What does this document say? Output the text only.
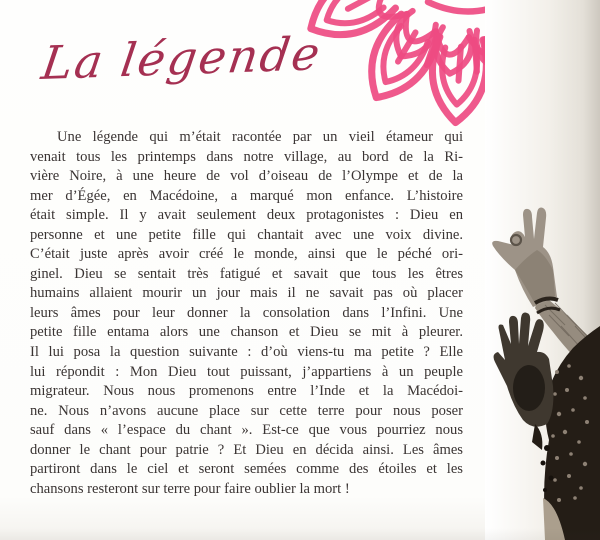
La légende
Une légende qui m’était racontée par un vieil étameur qui
venait tous les printemps dans notre village, au bord de la Ri-
vière Noire, à une heure de vol d’oiseau de l’Olympe et de la
mer d’Égée, en Macédoine, a marqué mon enfance. L’histoire
était simple. Il y avait seulement deux protagonistes : Dieu en
personne et une petite fille qui chantait avec une voix divine.
C’était juste après avoir créé le monde, ainsi que le péché ori-
ginel. Dieu se sentait très fatigué et savait que tous les êtres
humains allaient mourir un jour mais il ne savait pas où placer
leurs âmes pour leur donner la consolation dans l’Infini. Une
petite fille entama alors une chanson et Dieu se mit à pleurer.
Il lui posa la question suivante : d’où viens-tu ma petite ? Elle
lui répondit : Mon Dieu tout puissant, j’appartiens à un peuple
migrateur. Nous nous promenons entre l’Inde et la Macédoi-
ne. Nous n’avons aucune place sur cette terre pour nous poser
sauf dans « l’espace du chant ». Est-ce que vous pourriez nous
donner le chant pour patrie ? Et Dieu en décida ainsi. Les âmes
partiront dans le ciel et seront semées comme des étoiles et les
chansons resteront sur terre pour faire oublier la mort !
